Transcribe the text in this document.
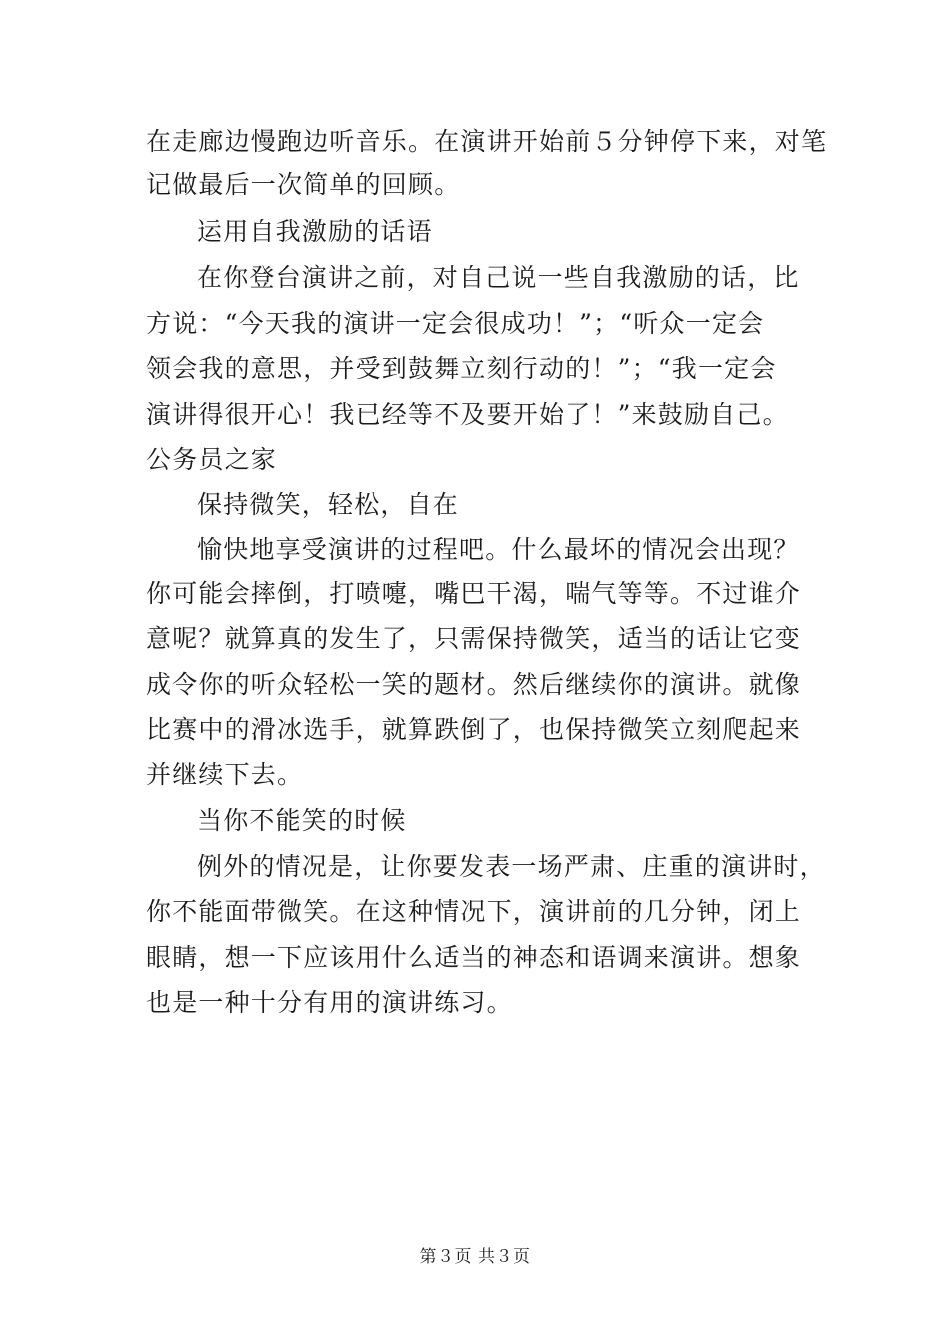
在走廊边慢跑边听音乐。在演讲开始前５分钟停下来，对笔
记做最后一次简单的回顾。
运用自我激励的话语
在你登台演讲之前，对自己说一些自我激励的话，比
方说：“今天我的演讲一定会很成功！”；“听众一定会
领会我的意思，并受到鼓舞立刻行动的！”；“我一定会
演讲得很开心！我已经等不及要开始了！”来鼓励自己。
公务员之家
保持微笑，轻松，自在
愉快地享受演讲的过程吧。什么最坏的情况会出现？
你可能会摔倒，打喷嚏，嘴巴干渴，喘气等等。不过谁介
意呢？就算真的发生了，只需保持微笑，适当的话让它变
成令你的听众轻松一笑的题材。然后继续你的演讲。就像
比赛中的滑冰选手，就算跌倒了，也保持微笑立刻爬起来
并继续下去。
当你不能笑的时候
例外的情况是，让你要发表一场严肃、庄重的演讲时，
你不能面带微笑。在这种情况下，演讲前的几分钟，闭上
眼睛，想一下应该用什么适当的神态和语调来演讲。想象
也是一种十分有用的演讲练习。
第３页 共３页
